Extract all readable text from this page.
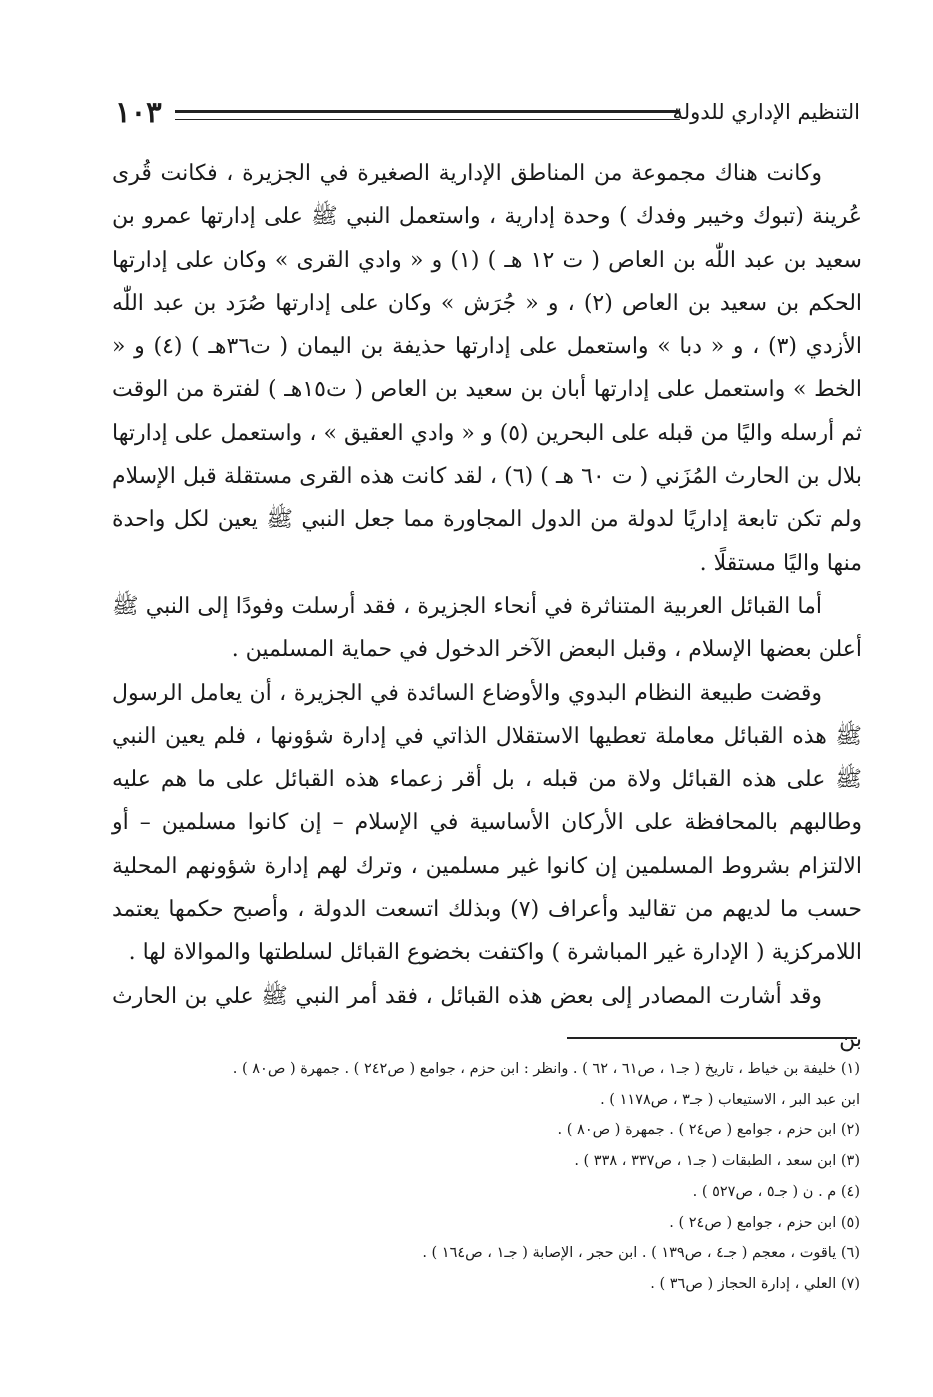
١٠٣	التنظيم الإداري للدولة

وكانت هناك مجموعة من المناطق الإدارية الصغيرة في الجزيرة ، فكانت قُرى عُرينة (تبوك وخيبر وفدك ) وحدة إدارية ، واستعمل النبي ﷺ على إدارتها عمرو بن سعيد بن عبد اللّٰه بن العاص ( ت ١٢ هـ ) (١) و « وادي القرى » وكان على إدارتها الحكم بن سعيد بن العاص (٢) ، و « جُرَش » وكان على إدارتها صُرَد بن عبد اللّٰه الأزدي (٣) ، و « دبا » واستعمل على إدارتها حذيفة بن اليمان ( ت٣٦هـ ) (٤) و « الخط » واستعمل على إدارتها أبان بن سعيد بن العاص ( ت١٥هـ ) لفترة من الوقت ثم أرسله واليًا من قبله على البحرين (٥) و « وادي العقيق » ، واستعمل على إدارتها بلال بن الحارث المُزَني ( ت ٦٠ هـ ) (٦) ، لقد كانت هذه القرى مستقلة قبل الإسلام ولم تكن تابعة إداريًا لدولة من الدول المجاورة مما جعل النبي ﷺ يعين لكل واحدة منها واليًا مستقلًا .

أما القبائل العربية المتناثرة في أنحاء الجزيرة ، فقد أرسلت وفودًا إلى النبي ﷺ أعلن بعضها الإسلام ، وقبل البعض الآخر الدخول في حماية المسلمين .

وقضت طبيعة النظام البدوي والأوضاع السائدة في الجزيرة ، أن يعامل الرسول ﷺ هذه القبائل معاملة تعطيها الاستقلال الذاتي في إدارة شؤونها ، فلم يعين النبي ﷺ على هذه القبائل ولاة من قبله ، بل أقر زعماء هذه القبائل على ما هم عليه وطالبهم بالمحافظة على الأركان الأساسية في الإسلام – إن كانوا مسلمين – أو الالتزام بشروط المسلمين إن كانوا غير مسلمين ، وترك لهم إدارة شؤونهم المحلية حسب ما لديهم من تقاليد وأعراف (٧) وبذلك اتسعت الدولة ، وأصبح حكمها يعتمد اللامركزية ( الإدارة غير المباشرة ) واكتفت بخضوع القبائل لسلطتها والموالاة لها .

وقد أشارت المصادر إلى بعض هذه القبائل ، فقد أمر النبي ﷺ علي بن الحارث بن

(١) خليفة بن خياط ، تاريخ ( جـ١ ، ص٦١ ، ٦٢ ) . وانظر : ابن حزم ، جوامع ( ص٢٤٢ ) . جمهرة ( ص٨٠ ) .
ابن عبد البر ، الاستيعاب ( جـ٣ ، ص١١٧٨ ) .
(٢) ابن حزم ، جوامع ( ص٢٤ ) . جمهرة ( ص٨٠ ) .
(٣) ابن سعد ، الطبقات ( جـ١ ، ص٣٣٧ ، ٣٣٨ ) .
(٤) م . ن ( جـ٥ ، ص٥٢٧ ) .
(٥) ابن حزم ، جوامع ( ص٢٤ ) .
(٦) ياقوت ، معجم ( جـ٤ ، ص١٣٩ ) . ابن حجر ، الإصابة ( جـ١ ، ص١٦٤ ) .
(٧) العلي ، إدارة الحجاز ( ص٣٦ ) .
